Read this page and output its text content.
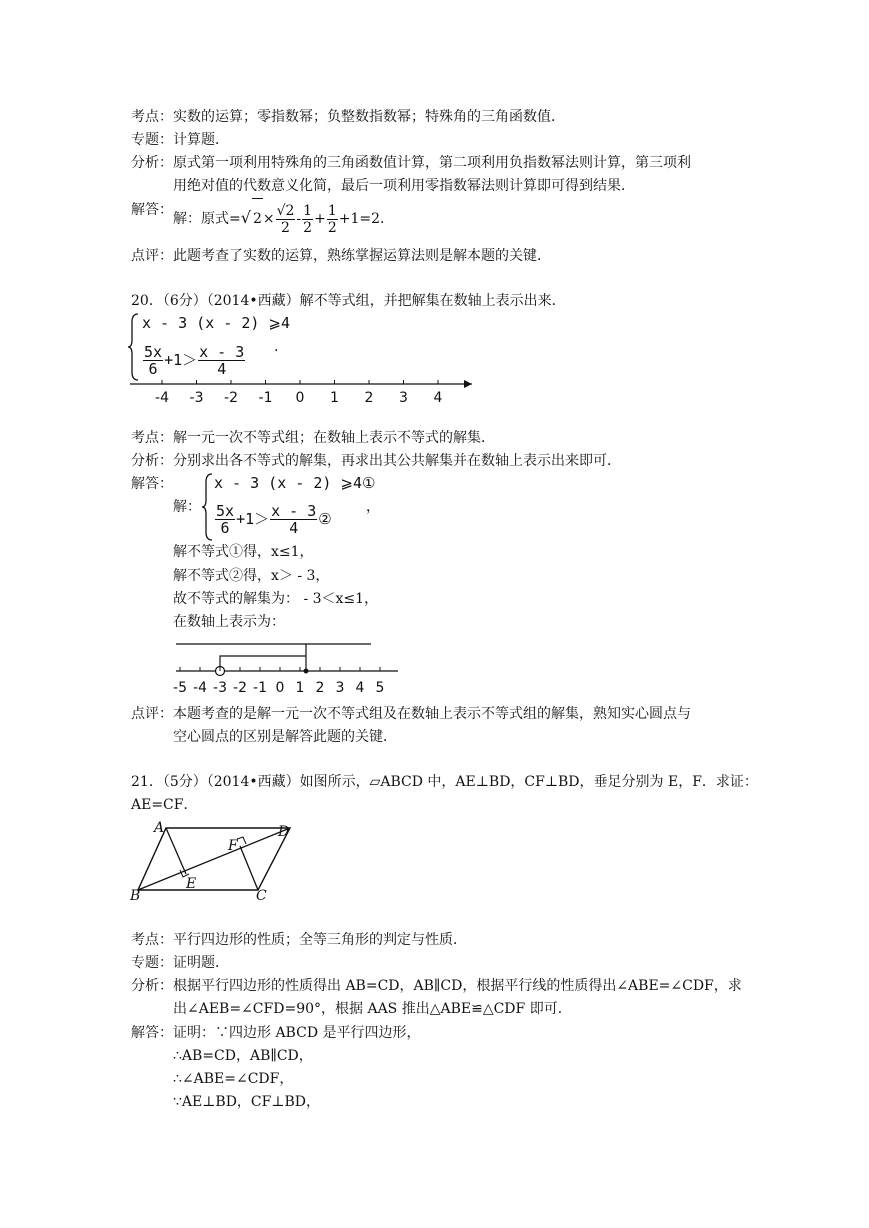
考点：实数的运算；零指数幂；负整数指数幂；特殊角的三角函数值．
专题：计算题．
分析：原式第一项利用特殊角的三角函数值计算，第二项利用负指数幂法则计算，第三项利
用绝对值的代数意义化简，最后一项利用零指数幂法则计算即可得到结果．
解答：
解：原式=√ $2\times \frac{√2}{2} - \frac{1}{2} + \frac{1}{2} +1=2$．
点评：此题考查了实数的运算，熟练掌握运算法则是解本题的关键．
20．（6分）（2014•西藏）解不等式组，并把解集在数轴上表示出来．
x - 3 (x - 2) ⩾4
$\frac{5x}{6} +1> \frac{x - 3}{4}$ .
-4 -3 -2 -1 0 1 2 3 4
考点：解一元一次不等式组；在数轴上表示不等式的解集．
分析：分别求出各不等式的解集，再求出其公共解集并在数轴上表示出来即可．
解答：
解：
x - 3 (x - 2) ⩾4①
$\frac{5x}{6} +1> \frac{x - 3}{4}$ ②
，
解不等式①得，x≤1，
解不等式②得，x＞ - 3，
故不等式的解集为： - 3＜x≤1，
在数轴上表示为：
-5 -4 -3 -2 -1 0 1 2 3 4 5
点评：本题考查的是解一元一次不等式组及在数轴上表示不等式组的解集，熟知实心圆点与
空心圆点的区别是解答此题的关键．
21．（5分）（2014•西藏）如图所示，▱ABCD 中，AE⊥BD，CF⊥BD，垂足分别为 E，F．求证：
AE=CF．
A	D
B	C
E
F
考点：平行四边形的性质；全等三角形的判定与性质．
专题：证明题．
分析：根据平行四边形的性质得出 AB=CD，AB∥CD，根据平行线的性质得出∠ABE=∠CDF，求
出∠AEB=∠CFD=90°，根据 AAS 推出△ABE≌△CDF 即可．
解答：证明：∵四边形 ABCD 是平行四边形，
∴AB=CD，AB∥CD，
∴∠ABE=∠CDF，
∵AE⊥BD，CF⊥BD，
